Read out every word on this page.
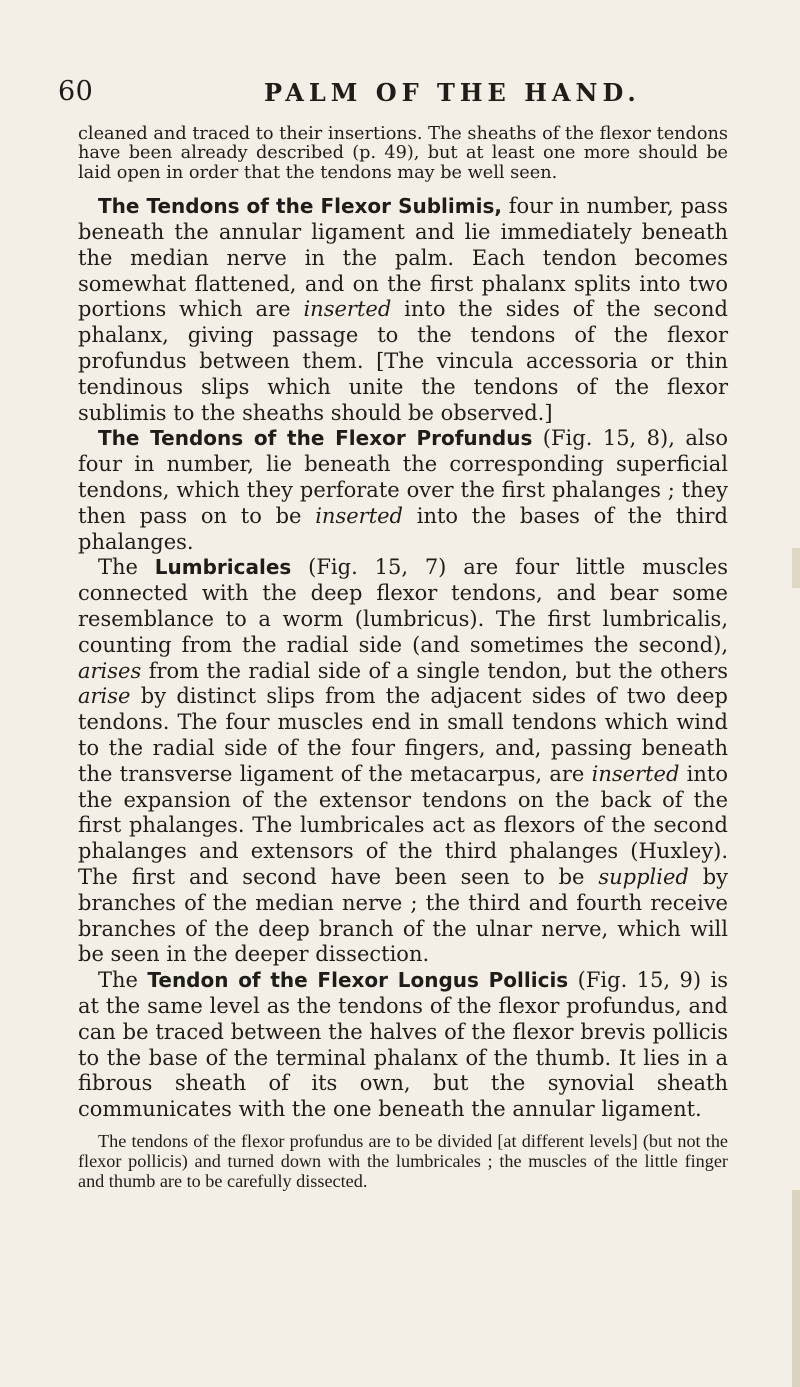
60	PALM OF THE HAND.

cleaned and traced to their insertions. The sheaths of the flexor tendons have been already described (p. 49), but at least one more should be laid open in order that the tendons may be well seen.

The Tendons of the Flexor Sublimis, four in number, pass beneath the annular ligament and lie immediately beneath the median nerve in the palm. Each tendon becomes somewhat flattened, and on the first phalanx splits into two portions which are inserted into the sides of the second phalanx, giving passage to the tendons of the flexor profundus between them. [The vincula accessoria or thin tendinous slips which unite the tendons of the flexor sublimis to the sheaths should be observed.]

The Tendons of the Flexor Profundus (Fig. 15, 8), also four in number, lie beneath the corresponding superficial tendons, which they perforate over the first phalanges ; they then pass on to be inserted into the bases of the third phalanges.

The Lumbricales (Fig. 15, 7) are four little muscles connected with the deep flexor tendons, and bear some resemblance to a worm (lumbricus). The first lumbricalis, counting from the radial side (and sometimes the second), arises from the radial side of a single tendon, but the others arise by distinct slips from the adjacent sides of two deep tendons. The four muscles end in small tendons which wind to the radial side of the four fingers, and, passing beneath the transverse ligament of the metacarpus, are inserted into the expansion of the extensor tendons on the back of the first phalanges. The lumbricales act as flexors of the second phalanges and extensors of the third phalanges (Huxley). The first and second have been seen to be supplied by branches of the median nerve ; the third and fourth receive branches of the deep branch of the ulnar nerve, which will be seen in the deeper dissection.

The Tendon of the Flexor Longus Pollicis (Fig. 15, 9) is at the same level as the tendons of the flexor profundus, and can be traced between the halves of the flexor brevis pollicis to the base of the terminal phalanx of the thumb. It lies in a fibrous sheath of its own, but the synovial sheath communicates with the one beneath the annular ligament.

The tendons of the flexor profundus are to be divided [at different levels] (but not the flexor pollicis) and turned down with the lumbricales ; the muscles of the little finger and thumb are to be carefully dissected.
